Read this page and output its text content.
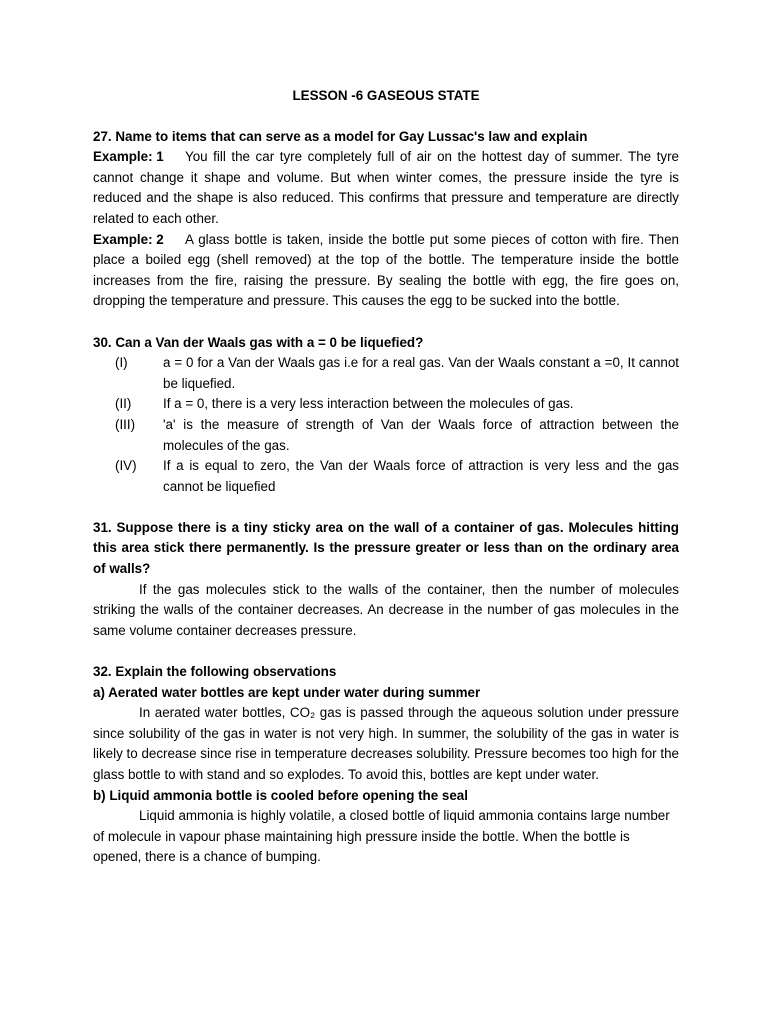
LESSON -6 GASEOUS STATE

27. Name to items that can serve as a model for Gay Lussac's law and explain

Example: 1 You fill the car tyre completely full of air on the hottest day of summer. The tyre cannot change it shape and volume. But when winter comes, the pressure inside the tyre is reduced and the shape is also reduced. This confirms that pressure and temperature are directly related to each other.

Example: 2 A glass bottle is taken, inside the bottle put some pieces of cotton with fire. Then place a boiled egg (shell removed) at the top of the bottle. The temperature inside the bottle increases from the fire, raising the pressure. By sealing the bottle with egg, the fire goes on, dropping the temperature and pressure. This causes the egg to be sucked into the bottle.

30. Can a Van der Waals gas with a = 0 be liquefied?

(I)	a = 0 for a Van der Waals gas i.e for a real gas. Van der Waals constant a =0, It cannot be liquefied.
(II)	If a = 0, there is a very less interaction between the molecules of gas.
(III)	'a' is the measure of strength of Van der Waals force of attraction between the molecules of the gas.
(IV)	If a is equal to zero, the Van der Waals force of attraction is very less and the gas cannot be liquefied

31. Suppose there is a tiny sticky area on the wall of a container of gas. Molecules hitting this area stick there permanently. Is the pressure greater or less than on the ordinary area of walls?

If the gas molecules stick to the walls of the container, then the number of molecules striking the walls of the container decreases. An decrease in the number of gas molecules in the same volume container decreases pressure.

32. Explain the following observations

a) Aerated water bottles are kept under water during summer

In aerated water bottles, CO₂ gas is passed through the aqueous solution under pressure since solubility of the gas in water is not very high. In summer, the solubility of the gas in water is likely to decrease since rise in temperature decreases solubility. Pressure becomes too high for the glass bottle to with stand and so explodes. To avoid this, bottles are kept under water.

b) Liquid ammonia bottle is cooled before opening the seal

Liquid ammonia is highly volatile, a closed bottle of liquid ammonia contains large number of molecule in vapour phase maintaining high pressure inside the bottle. When the bottle is opened, there is a chance of bumping.
